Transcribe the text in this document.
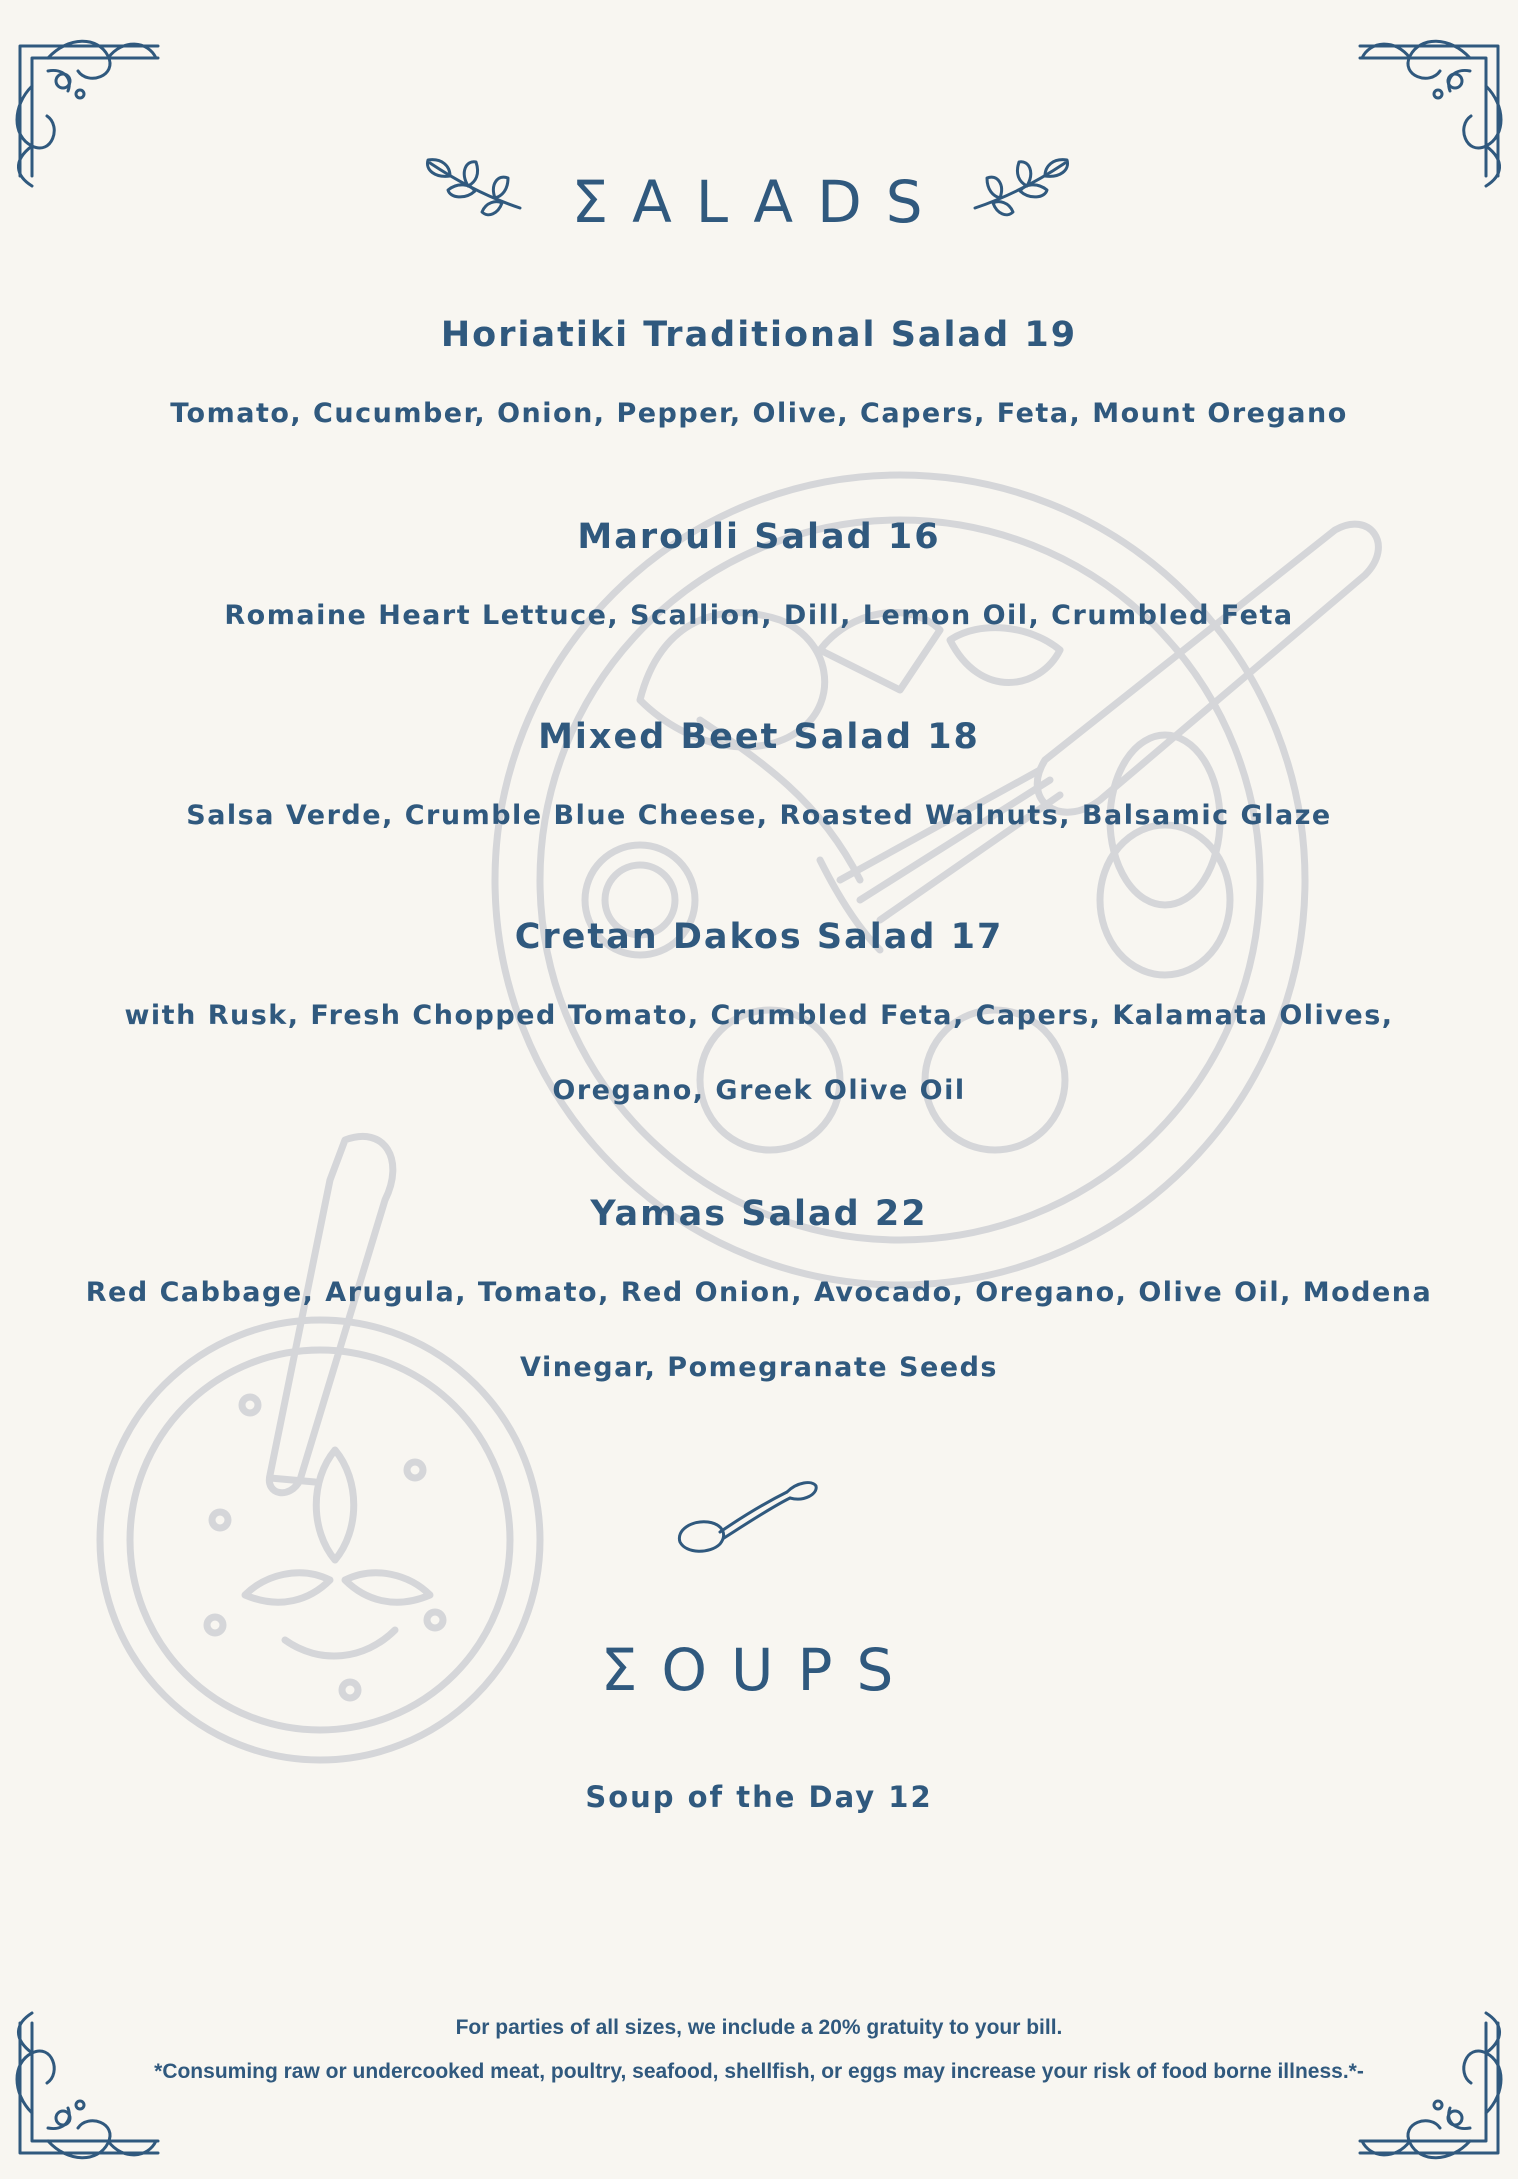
ΣALADS
Horiatiki Traditional Salad 19
Tomato, Cucumber, Onion, Pepper, Olive, Capers, Feta, Mount Oregano
Marouli Salad 16
Romaine Heart Lettuce, Scallion, Dill, Lemon Oil, Crumbled Feta
Mixed Beet Salad 18
Salsa Verde, Crumble Blue Cheese, Roasted Walnuts, Balsamic Glaze
Cretan Dakos Salad 17
with Rusk, Fresh Chopped Tomato, Crumbled Feta, Capers, Kalamata Olives,
Oregano, Greek Olive Oil
Yamas Salad 22
Red Cabbage, Arugula, Tomato, Red Onion, Avocado, Oregano, Olive Oil, Modena
Vinegar, Pomegranate Seeds
ΣOUPS
Soup of the Day 12
For parties of all sizes, we include a 20% gratuity to your bill.
*Consuming raw or undercooked meat, poultry, seafood, shellfish, or eggs may increase your risk of food borne illness.*-
